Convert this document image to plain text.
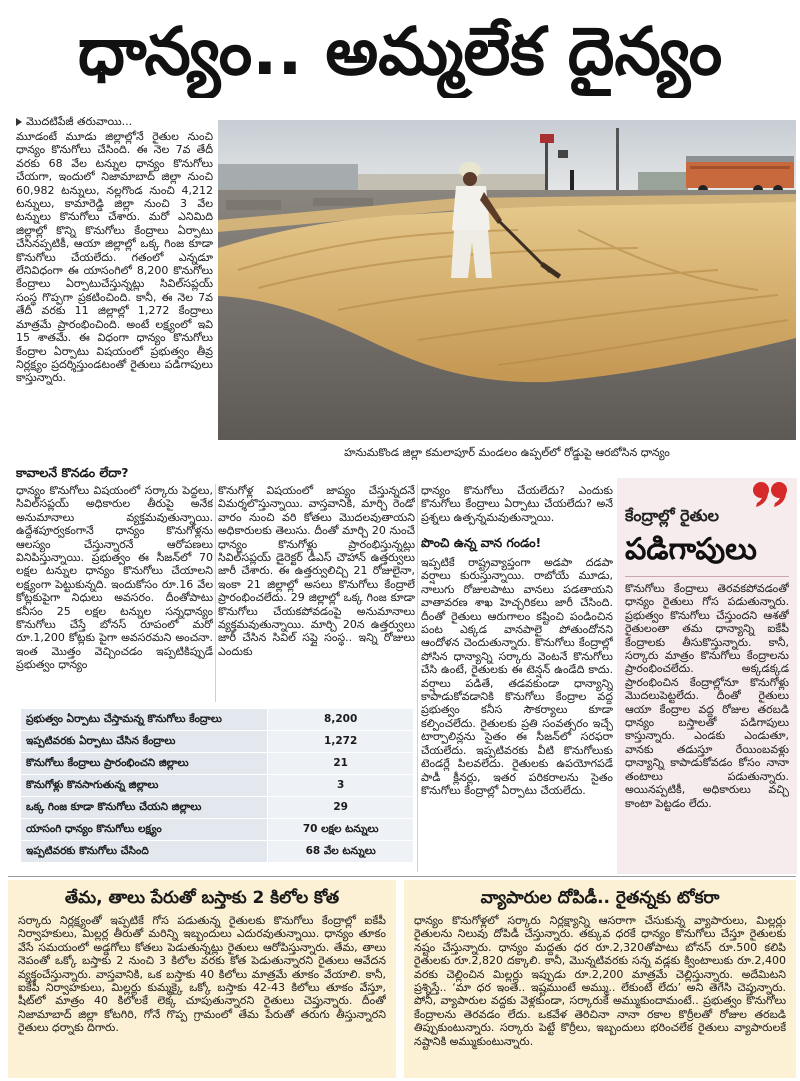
ధాన్యం.. అమ్మలేక దైన్యం
మొదటిపేజీ తరువాయి...
మూడంటే మూడు జిల్లాల్లోనే రైతుల నుంచి ధాన్యం కొనుగోలు చేసింది. ఈ నెల 7వ తేదీ వరకు 68 వేల టన్నుల ధాన్యం కొనుగోలు చేయగా, ఇందులో నిజామాబాద్ జిల్లా నుంచి 60,982 టన్నులు, నల్లగొండ నుంచి 4,212 టన్నులు, కామారెడ్డి జిల్లా నుంచి 3 వేల టన్నులు కొనుగోలు చేశారు. మరో ఎనిమిది జిల్లాల్లో కొన్ని కొనుగోలు కేంద్రాలు ఏర్పాటు చేసినప్పటికీ, ఆయా జిల్లాల్లో ఒక్క గింజ కూడా కొనుగోలు చేయలేదు. గతంలో ఎన్నడూ లేనివిధంగా ఈ యాసంగిలో 8,200 కొనుగోలు కేంద్రాలు ఏర్పాటుచేస్తున్నట్లు సివిల్‌సప్లయ్ సంస్థ గొప్పగా ప్రకటించింది. కానీ, ఈ నెల 7వ తేదీ వరకు 11 జిల్లాల్లో 1,272 కేంద్రాలు మాత్రమే ప్రారంభించింది. అంటే లక్ష్యంలో ఇవి 15 శాతమే. ఈ విధంగా ధాన్యం కొనుగోలు కేంద్రాల ఏర్పాటు విషయంలో ప్రభుత్వం తీవ్ర నిర్లక్ష్యం ప్రదర్శిస్తుండటంతో రైతులు పడిగాపులు కాస్తున్నారు.
హనుమకొండ జిల్లా కమలాపూర్ మండలం ఉప్పల్‌లో రోడ్డుపై ఆరబోసిన ధాన్యం
కావాలనే కొనడం లేదా?
ధాన్యం కొనుగోలు విషయంలో సర్కారు పెద్దలు, సివిల్‌సప్లయ్ అధికారుల తీరుపై అనేక అనుమానాలు వ్యక్తమవుతున్నాయి. ఉద్దేశపూర్వకంగానే ధాన్యం కొనుగోళ్లను ఆలస్యం చేస్తున్నారనే ఆరోపణలు వినిపిస్తున్నాయి. ప్రభుత్వం ఈ సీజన్‌లో 70 లక్షల టన్నుల ధాన్యం కొనుగోలు చేయాలని లక్ష్యంగా పెట్టుకున్నది. ఇందుకోసం రూ.16 వేల కోట్లకుపైగా నిధులు అవసరం. దీంతోపాటు కనీసం 25 లక్షల టన్నుల సన్నధాన్యం కొనుగోలు చేస్తే బోనస్ రూపంలో మరో రూ.1,200 కోట్లకు పైగా అవసరమని అంచనా. ఇంత మొత్తం వెచ్చించడం ఇప్పటికిప్పుడే ప్రభుత్వం ధాన్యం
కొనుగోళ్ల విషయంలో జాప్యం చేస్తున్నదనే విమర్శలొస్తున్నాయి. వాస్తవానికి, మార్చి రెండో వారం నుంచి వరి కోతలు మొదలవుతాయని అధికారులకు తెలుసు. దీంతో మార్చి 20 నుంచే ధాన్యం కొనుగోళ్లు ప్రారంభిస్తున్నట్లు సివిల్‌సప్లయ్ డైరెక్టర్ డీఎస్ చౌహాన్ ఉత్తర్వులు జారీ చేశారు. ఈ ఉత్తర్వులిచ్చి 21 రోజులైనా, ఇంకా 21 జిల్లాల్లో అసలు కొనుగోలు కేంద్రాలే ప్రారంభించలేదు. 29 జిల్లాల్లో ఒక్క గింజ కూడా కొనుగోలు చేయకపోవడంపై అనుమానాలు వ్యక్తమవుతున్నాయి. మార్చి 20న ఉత్తర్వులు జారీ చేసిన సివిల్ సప్లై సంస్థ.. ఇన్ని రోజులు ఎందుకు
ధాన్యం కొనుగోలు చేయలేదు? ఎందుకు కొనుగోలు కేంద్రాలు ఏర్పాటు చేయలేదు? అనే ప్రశ్నలు ఉత్పన్నమవుతున్నాయి.
పొంచి ఉన్న వాన గండం!
ఇప్పటికే రాష్ట్రవ్యాప్తంగా అడపా దడపా వర్షాలు కురుస్తున్నాయి. రాబోయే మూడు, నాలుగు రోజులపాటు వానలు పడతాయని వాతావరణ శాఖ హెచ్చరికలు జారీ చేసింది. దీంతో రైతులు ఆరుగాలం కష్టించి పండించిన పంట ఎక్కడ వానపాలై పోతుందోనని ఆందోళన చెందుతున్నారు. కొనుగోలు కేంద్రాల్లో పోసిన ధాన్యాన్ని సర్కారు వెంటనే కొనుగోలు చేసి ఉంటే, రైతులకు ఈ టెన్షన్ ఉండేది కాదు. వర్షాలు పడితే, తడవకుండా ధాన్యాన్ని కాపాడుకోవడానికి కొనుగోలు కేంద్రాల వద్ద ప్రభుత్వం కనీస సౌకర్యాలు కూడా కల్పించలేదు. రైతులకు ప్రతి సంవత్సరం ఇచ్చే టార్పాలిన్లను సైతం ఈ సీజన్‌లో సరఫరా చేయలేదు. ఇప్పటివరకు వీటి కొనుగోలుకు టెండర్లే పిలవలేదు. రైతులకు ఉపయోగపడే పాడీ క్లీనర్లు, ఇతర పరికరాలను సైతం కొనుగోలు కేంద్రాల్లో ఏర్పాటు చేయలేదు.
కేంద్రాల్లో రైతుల
పడిగాపులు
కొనుగోలు కేంద్రాలు తెరవకపోవడంతో ధాన్యం రైతులు గోస పడుతున్నారు. ప్రభుత్వం కొనుగోలు చేస్తుందని ఆశతో రైతులంతా తమ ధాన్యాన్ని ఐకేపీ కేంద్రాలకు తీసుకొస్తున్నారు. కానీ, సర్కారు మాత్రం కొనుగోలు కేంద్రాలను ప్రారంభించలేదు. అక్కడక్కడ ప్రారంభించిన కేంద్రాల్లోనూ కొనుగోళ్లు మొదలుపెట్టలేదు. దీంతో రైతులు ఆయా కేంద్రాల వద్ద రోజుల తరబడి ధాన్యం బస్తాలతో పడిగాపులు కాస్తున్నారు. ఎండకు ఎండుతూ, వానకు తడుస్తూ రేయింబవళ్లు ధాన్యాన్ని కాపాడుకోవడం కోసం నానా తంటాలు పడుతున్నారు. అయినప్పటికీ, అధికారులు వచ్చి కాంటా పెట్టడం లేదు.
ప్రభుత్వం ఏర్పాటు చేస్తామన్న కొనుగోలు కేంద్రాలు	8,200
ఇప్పటివరకు ఏర్పాటు చేసిన కేంద్రాలు	1,272
కొనుగోలు కేంద్రాలు ప్రారంభించని జిల్లాలు	21
కొనుగోళ్లు కొనసాగుతున్న జిల్లాలు	3
ఒక్క గింజ కూడా కొనుగోలు చేయని జిల్లాలు	29
యాసంగి ధాన్యం కొనుగోలు లక్ష్యం	70 లక్షల టన్నులు
ఇప్పటివరకు కొనుగోలు చేసింది	68 వేల టన్నులు
తేమ, తాలు పేరుతో బస్తాకు 2 కిలోల కోత
సర్కారు నిర్లక్ష్యంతో ఇప్పటికే గోస పడుతున్న రైతులకు కొనుగోలు కేంద్రాల్లో ఐకేపీ నిర్వాహకులు, మిల్లర్ల తీరుతో మరిన్ని ఇబ్బందులు ఎదురవుతున్నాయి. ధాన్యం తూకం వేసే సమయంలో అడ్డగోలు కోతలు పెడుతున్నట్లు రైతులు ఆరోపిస్తున్నారు. తేమ, తాలు నెపంతో ఒక్కో బస్తాకు 2 నుంచి 3 కిలోల వరకు కోత పెడుతున్నారని రైతులు ఆవేదన వ్యక్తంచేస్తున్నారు. వాస్తవానికి, ఒక బస్తాకు 40 కిలోలు మాత్రమే తూకం వేయాలి. కానీ, ఐకేపీ నిర్వాహకులు, మిల్లర్లు కుమ్మక్కై ఒక్కో బస్తాకు 42-43 కిలోలు తూకం వేస్తూ, షీట్‌లో మాత్రం 40 కిలోలకే లెక్క చూపుతున్నారని రైతులు చెప్తున్నారు. దీంతో నిజామాబాద్ జిల్లా కోటగిరి, గోనే గొప్ప గ్రామంలో తేమ పేరుతో తరుగు తీస్తున్నారని రైతులు ధర్నాకు దిగారు.
వ్యాపారుల దోపిడీ.. రైతన్నకు టోకరా
ధాన్యం కొనుగోళ్లలో సర్కారు నిర్లక్ష్యాన్ని ఆసరాగా చేసుకున్న వ్యాపారులు, మిల్లర్లు రైతులను నిలువు దోపిడీ చేస్తున్నారు. తక్కువ ధరకే ధాన్యం కొనుగోలు చేస్తూ రైతులకు నష్టం చేస్తున్నారు. ధాన్యం మద్దతు ధర రూ.2,320తోపాటు బోనస్ రూ.500 కలిపి రైతులకు రూ.2,820 దక్కాలి. కానీ, మొన్నటివరకు సన్న వడ్లకు క్వింటాలుకు రూ.2,400 వరకు చెల్లించిన మిల్లర్లు ఇప్పుడు రూ.2,200 మాత్రమే చెల్లిస్తున్నారు. అదేమిటని ప్రశ్నిస్తే.. ‘మా ధర ఇంతే.. ఇష్టముంటే అమ్ము.. లేకుంటే లేదు’ అని తెగేసి చెప్తున్నారు. పోనీ, వ్యాపారుల వద్దకు వెళ్లకుండా, సర్కారుకే అమ్ముకుందామంటే.. ప్రభుత్వం కొనుగోలు కేంద్రాలను తెరవడం లేదు. ఒకవేళ తెరిచినా నానా రకాల కొర్రీలతో రోజుల తరబడి తిప్పుకుంటున్నారు. సర్కారు పెట్టే కొర్రీలు, ఇబ్బందులు భరించలేక రైతులు వ్యాపారులకే నష్టానికి అమ్ముకుంటున్నారు.
